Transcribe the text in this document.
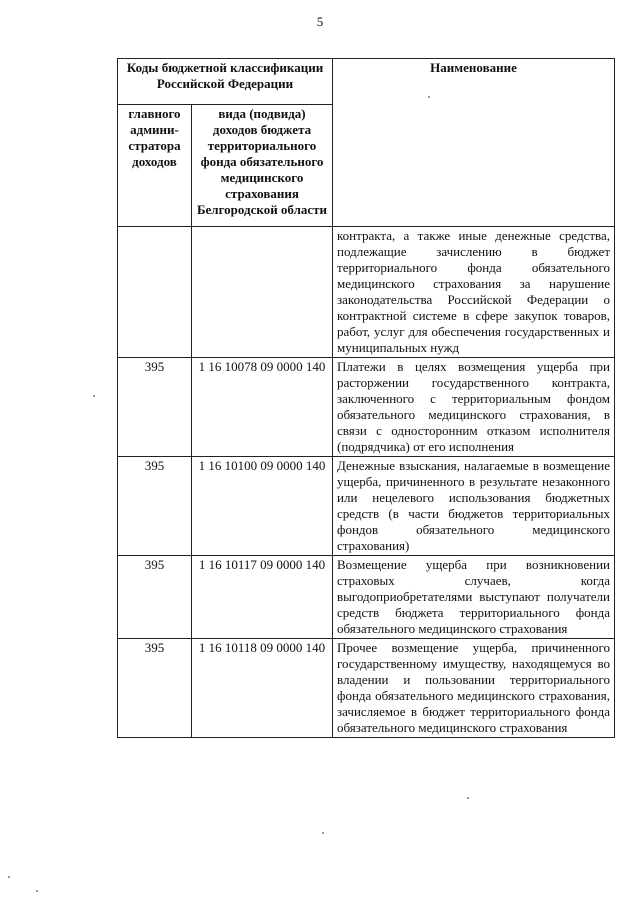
5
Коды бюджетной классификации Российской Федерации		Наименование
главного админи-стратора доходов	вида (подвида) доходов бюджета территориального фонда обязательного медицинского страхования Белгородской области	
		контракта, а также иные денежные средства, подлежащие зачислению в бюджет территориального фонда обязательного медицинского страхования за нарушение законодательства Российской Федерации о контрактной системе в сфере закупок товаров, работ, услуг для обеспечения государственных и муниципальных нужд
395	1 16 10078 09 0000 140	Платежи в целях возмещения ущерба при расторжении государственного контракта, заключенного с территориальным фондом обязательного медицинского страхования, в связи с односторонним отказом исполнителя (подрядчика) от его исполнения
395	1 16 10100 09 0000 140	Денежные взыскания, налагаемые в возмещение ущерба, причиненного в результате незаконного или нецелевого использования бюджетных средств (в части бюджетов территориальных фондов обязательного медицинского страхования)
395	1 16 10117 09 0000 140	Возмещение ущерба при возникновении страховых случаев, когда выгодоприобретателями выступают получатели средств бюджета территориального фонда обязательного медицинского страхования
395	1 16 10118 09 0000 140	Прочее возмещение ущерба, причиненного государственному имуществу, находящемуся во владении и пользовании территориального фонда обязательного медицинского страхования, зачисляемое в бюджет территориального фонда обязательного медицинского страхования
